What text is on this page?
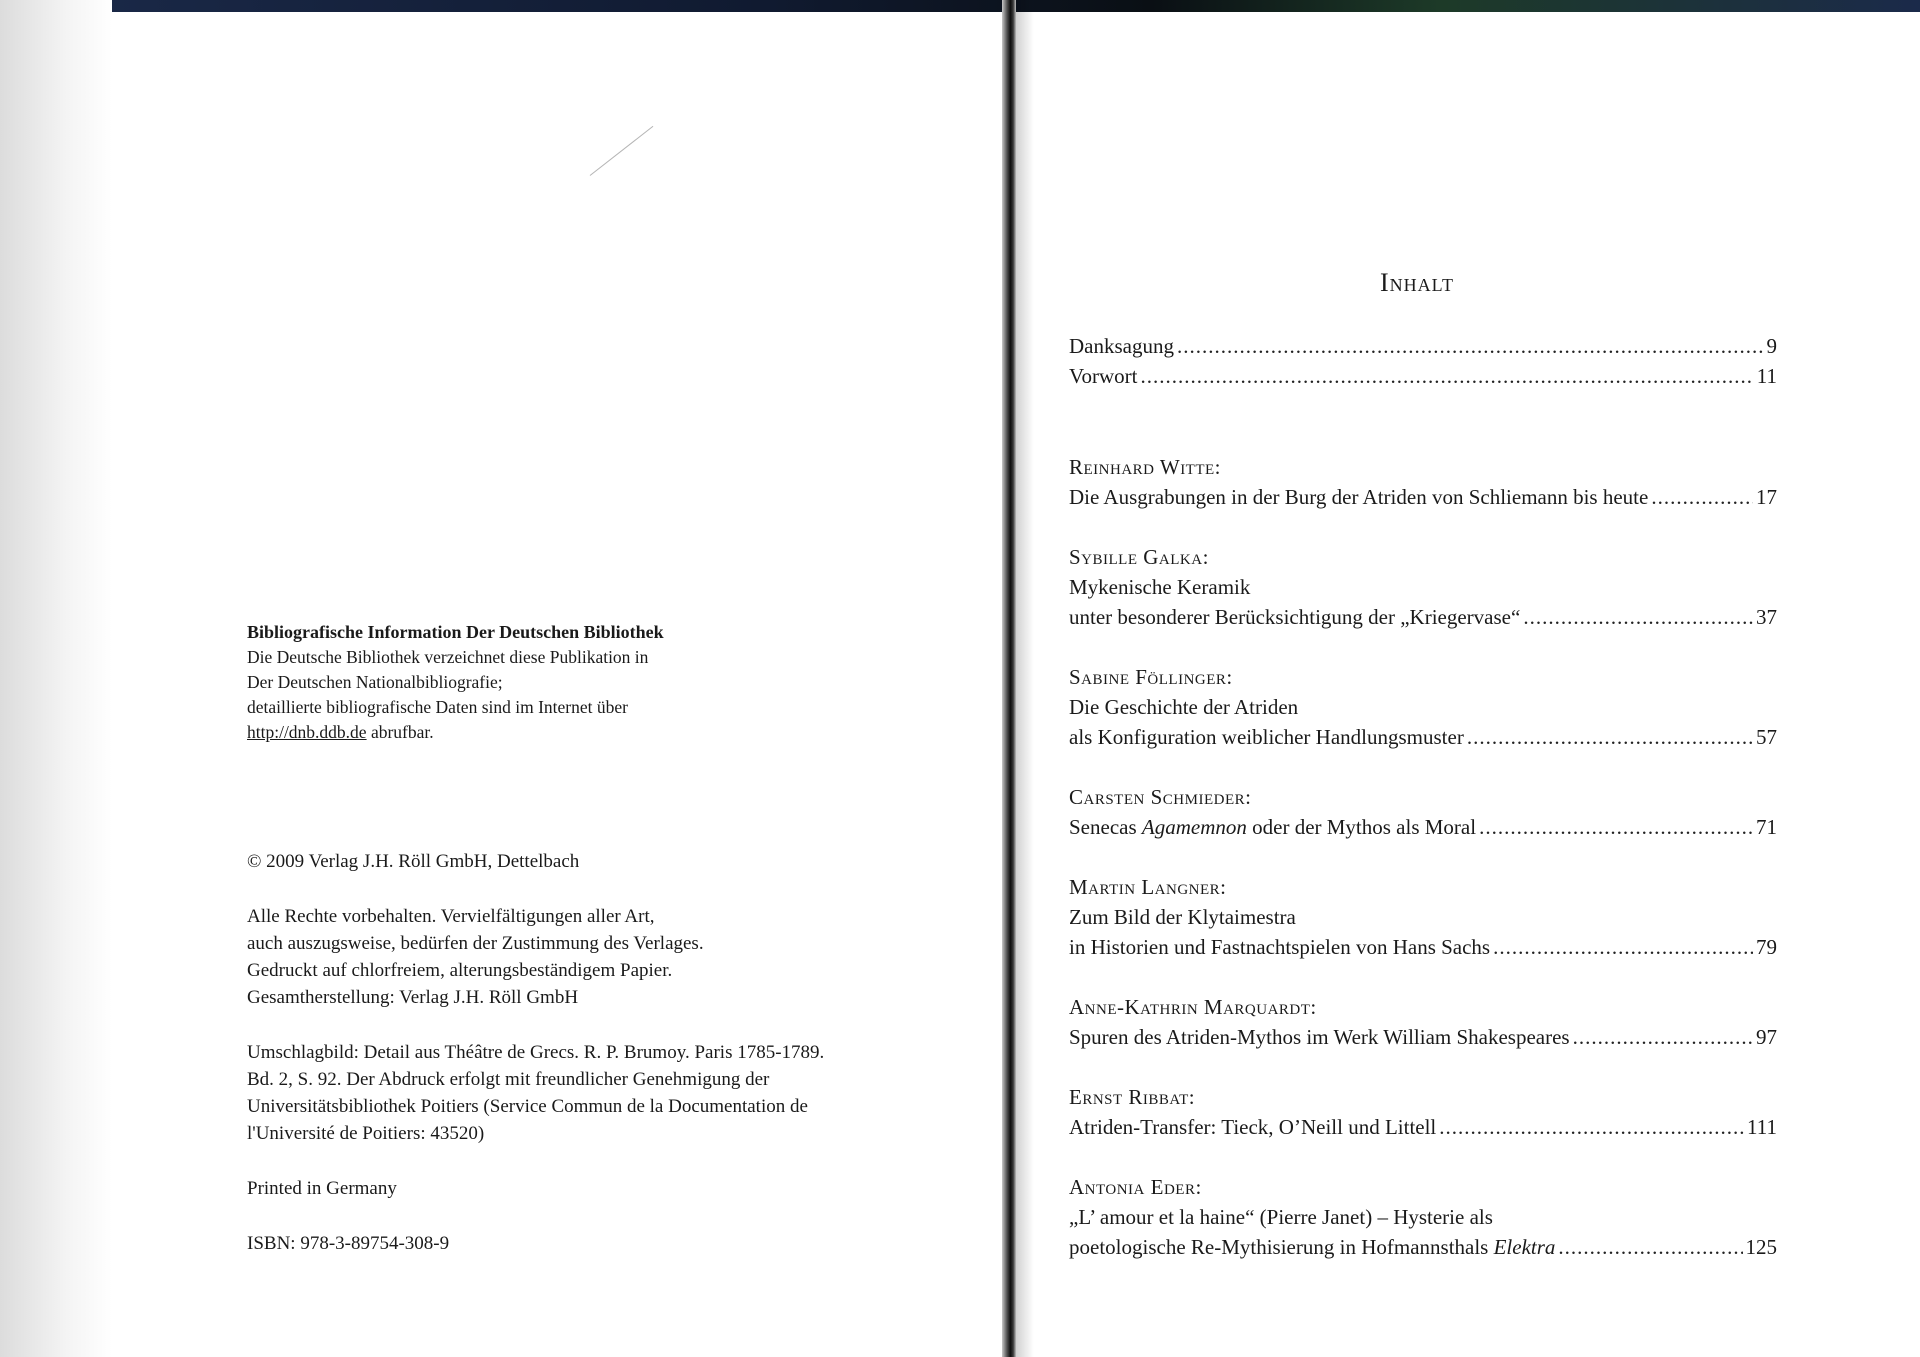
Bibliografische Information Der Deutschen Bibliothek
Die Deutsche Bibliothek verzeichnet diese Publikation in
Der Deutschen Nationalbibliografie;
detaillierte bibliografische Daten sind im Internet über
http://dnb.ddb.de abrufbar.
© 2009 Verlag J.H. Röll GmbH, Dettelbach
Alle Rechte vorbehalten. Vervielfältigungen aller Art,
auch auszugsweise, bedürfen der Zustimmung des Verlages.
Gedruckt auf chlorfreiem, alterungsbeständigem Papier.
Gesamtherstellung: Verlag J.H. Röll GmbH
Umschlagbild: Detail aus Théâtre de Grecs. R. P. Brumoy. Paris 1785-1789.
Bd. 2, S. 92. Der Abdruck erfolgt mit freundlicher Genehmigung der
Universitätsbibliothek Poitiers (Service Commun de la Documentation de
l'Université de Poitiers: 43520)
Printed in Germany
ISBN: 978-3-89754-308-9
Inhalt
Danksagung .....	9
Vorwort .....	11
Reinhard Witte:
Die Ausgrabungen in der Burg der Atriden von Schliemann bis heute .....	17
Sybille Galka:
Mykenische Keramik
unter besonderer Berücksichtigung der „Kriegervase“ .....	37
Sabine Föllinger:
Die Geschichte der Atriden
als Konfiguration weiblicher Handlungsmuster .....	57
Carsten Schmieder:
Senecas Agamemnon oder der Mythos als Moral .....	71
Martin Langner:
Zum Bild der Klytaimestra
in Historien und Fastnachtspielen von Hans Sachs .....	79
Anne-Kathrin Marquardt:
Spuren des Atriden-Mythos im Werk William Shakespeares .....	97
Ernst Ribbat:
Atriden-Transfer: Tieck, O’Neill und Littell .....	111
Antonia Eder:
„L’ amour et la haine“ (Pierre Janet) – Hysterie als
poetologische Re-Mythisierung in Hofmannsthals Elektra .....	125
